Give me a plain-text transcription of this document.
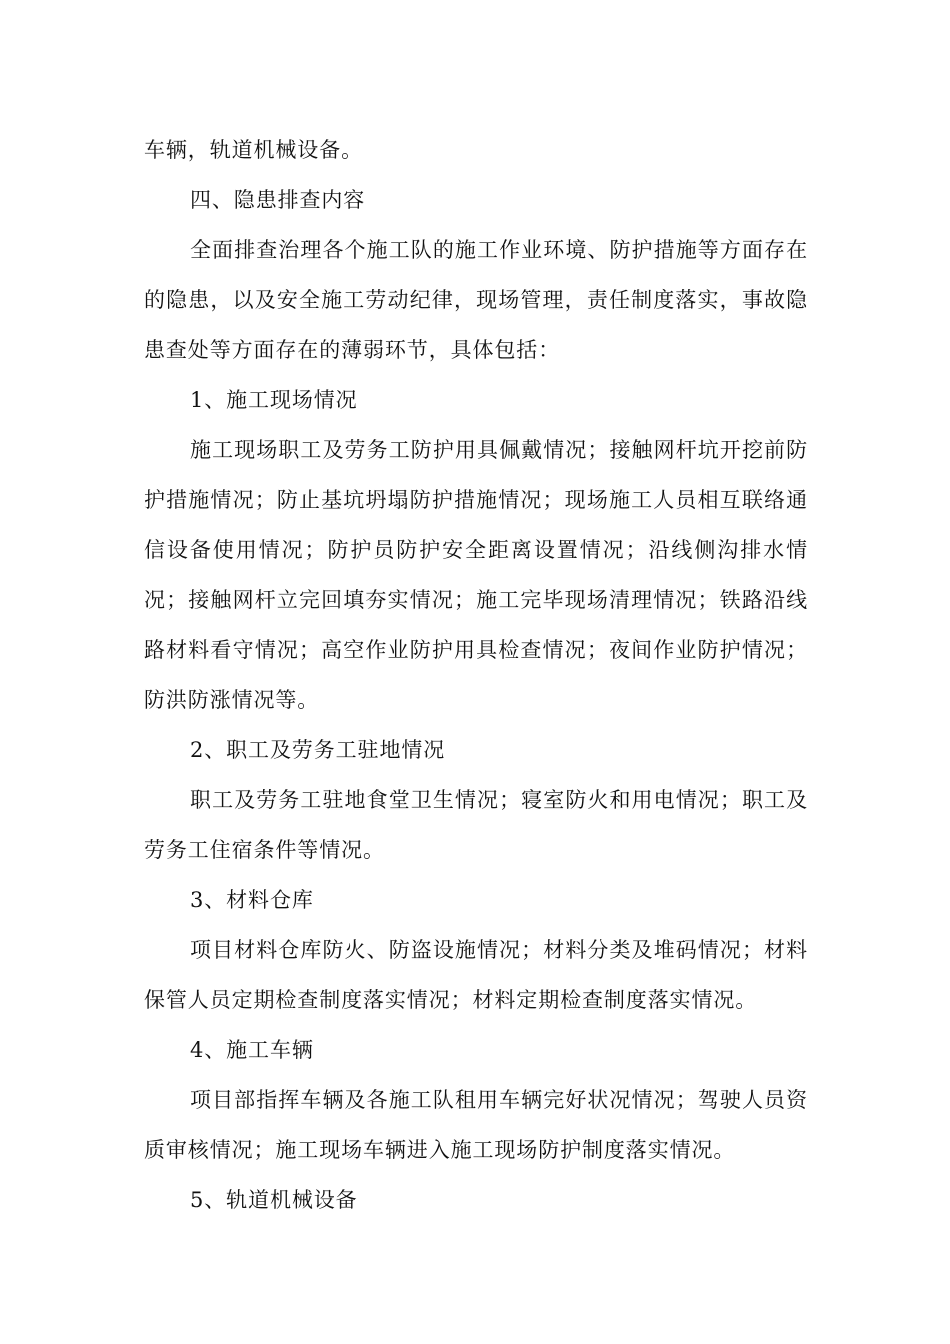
车辆，轨道机械设备。

四、隐患排查内容

全面排查治理各个施工队的施工作业环境、防护措施等方面存在的隐患，以及安全施工劳动纪律，现场管理，责任制度落实，事故隐患查处等方面存在的薄弱环节，具体包括：

1、施工现场情况

施工现场职工及劳务工防护用具佩戴情况；接触网杆坑开挖前防护措施情况；防止基坑坍塌防护措施情况；现场施工人员相互联络通信设备使用情况；防护员防护安全距离设置情况；沿线侧沟排水情况；接触网杆立完回填夯实情况；施工完毕现场清理情况；铁路沿线路材料看守情况；高空作业防护用具检查情况；夜间作业防护情况；防洪防涨情况等。

2、职工及劳务工驻地情况

职工及劳务工驻地食堂卫生情况；寝室防火和用电情况；职工及劳务工住宿条件等情况。

3、材料仓库

项目材料仓库防火、防盗设施情况；材料分类及堆码情况；材料保管人员定期检查制度落实情况；材料定期检查制度落实情况。

4、施工车辆

项目部指挥车辆及各施工队租用车辆完好状况情况；驾驶人员资质审核情况；施工现场车辆进入施工现场防护制度落实情况。

5、轨道机械设备
